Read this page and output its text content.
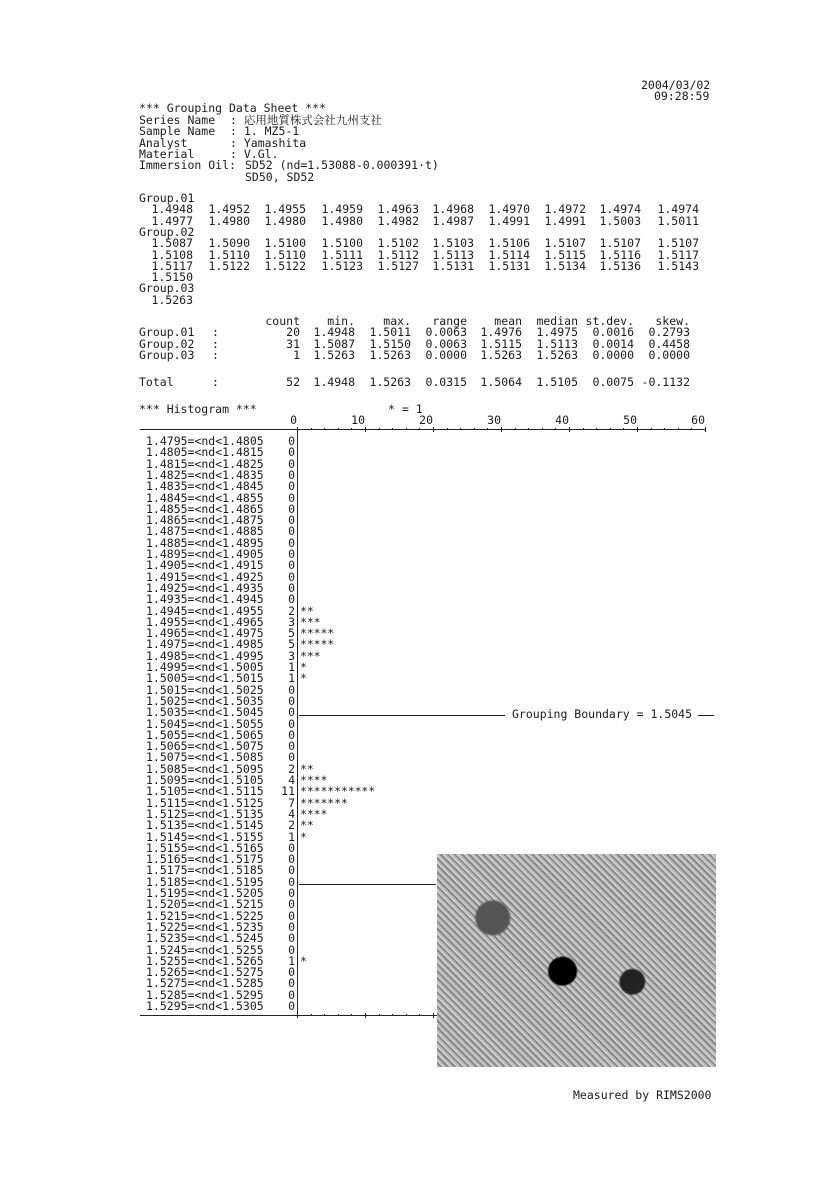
2004/03/02
09:28:59
*** Grouping Data Sheet ***
Series Name : 応用地質株式会社九州支社
Sample Name : 1. MZ5-1
Analyst	: Yamashita
Material	: V.Gl.
Immersion Oil: SD52 (nd=1.53088-0.000391·t)
SD50, SD52
Group.01
1.4948	1.4952	1.4955	1.4959	1.4963	1.4968	1.4970	1.4972	1.4974	1.4974
1.4977	1.4980	1.4980	1.4980	1.4982	1.4987	1.4991	1.4991	1.5003	1.5011
Group.02
1.5087	1.5090	1.5100	1.5100	1.5102	1.5103	1.5106	1.5107	1.5107	1.5107
1.5108	1.5110	1.5110	1.5111	1.5112	1.5113	1.5114	1.5115	1.5116	1.5117
1.5117	1.5122	1.5122	1.5123	1.5127	1.5131	1.5131	1.5134	1.5136	1.5143
1.5150
Group.03
1.5263
count	min.	max.	range	mean	median st.dev.	skew.
Group.01 :	20	1.4948	1.5011	0.0063	1.4976	1.4975	0.0016	0.2793
Group.02 :	31	1.5087	1.5150	0.0063	1.5115	1.5113	0.0014	0.4458
Group.03 :	1	1.5263	1.5263	0.0000	1.5263	1.5263	0.0000	0.0000
Total	:	52	1.4948	1.5263	0.0315	1.5064	1.5105	0.0075 -0.1132
*** Histogram ***	* = 1
0	10	20	30	40	50	60
1.4795=<nd<1.4805	0
1.4805=<nd<1.4815	0
1.4815=<nd<1.4825	0
1.4825=<nd<1.4835	0
1.4835=<nd<1.4845	0
1.4845=<nd<1.4855	0
1.4855=<nd<1.4865	0
1.4865=<nd<1.4875	0
1.4875=<nd<1.4885	0
1.4885=<nd<1.4895	0
1.4895=<nd<1.4905	0
1.4905=<nd<1.4915	0
1.4915=<nd<1.4925	0
1.4925=<nd<1.4935	0
1.4935=<nd<1.4945	0
1.4945=<nd<1.4955	2 **
1.4955=<nd<1.4965	3 ***
1.4965=<nd<1.4975	5 *****
1.4975=<nd<1.4985	5 *****
1.4985=<nd<1.4995	3 ***
1.4995=<nd<1.5005	1 *
1.5005=<nd<1.5015	1 *
1.5015=<nd<1.5025	0
1.5025=<nd<1.5035	0
1.5035=<nd<1.5045	0
1.5045=<nd<1.5055	0
1.5055=<nd<1.5065	0
1.5065=<nd<1.5075	0
1.5075=<nd<1.5085	0
1.5085=<nd<1.5095	2 **
1.5095=<nd<1.5105	4 ****
1.5105=<nd<1.5115	11 ***********
1.5115=<nd<1.5125	7 *******
1.5125=<nd<1.5135	4 ****
1.5135=<nd<1.5145	2 **
1.5145=<nd<1.5155	1 *
1.5155=<nd<1.5165	0
1.5165=<nd<1.5175	0
1.5175=<nd<1.5185	0
1.5185=<nd<1.5195	0
1.5195=<nd<1.5205	0
1.5205=<nd<1.5215	0
1.5215=<nd<1.5225	0
1.5225=<nd<1.5235	0
1.5235=<nd<1.5245	0
1.5245=<nd<1.5255	0
1.5255=<nd<1.5265	1 *
1.5265=<nd<1.5275	0
1.5275=<nd<1.5285	0
1.5285=<nd<1.5295	0
1.5295=<nd<1.5305	0
Grouping Boundary = 1.5045
Measured by RIMS2000
